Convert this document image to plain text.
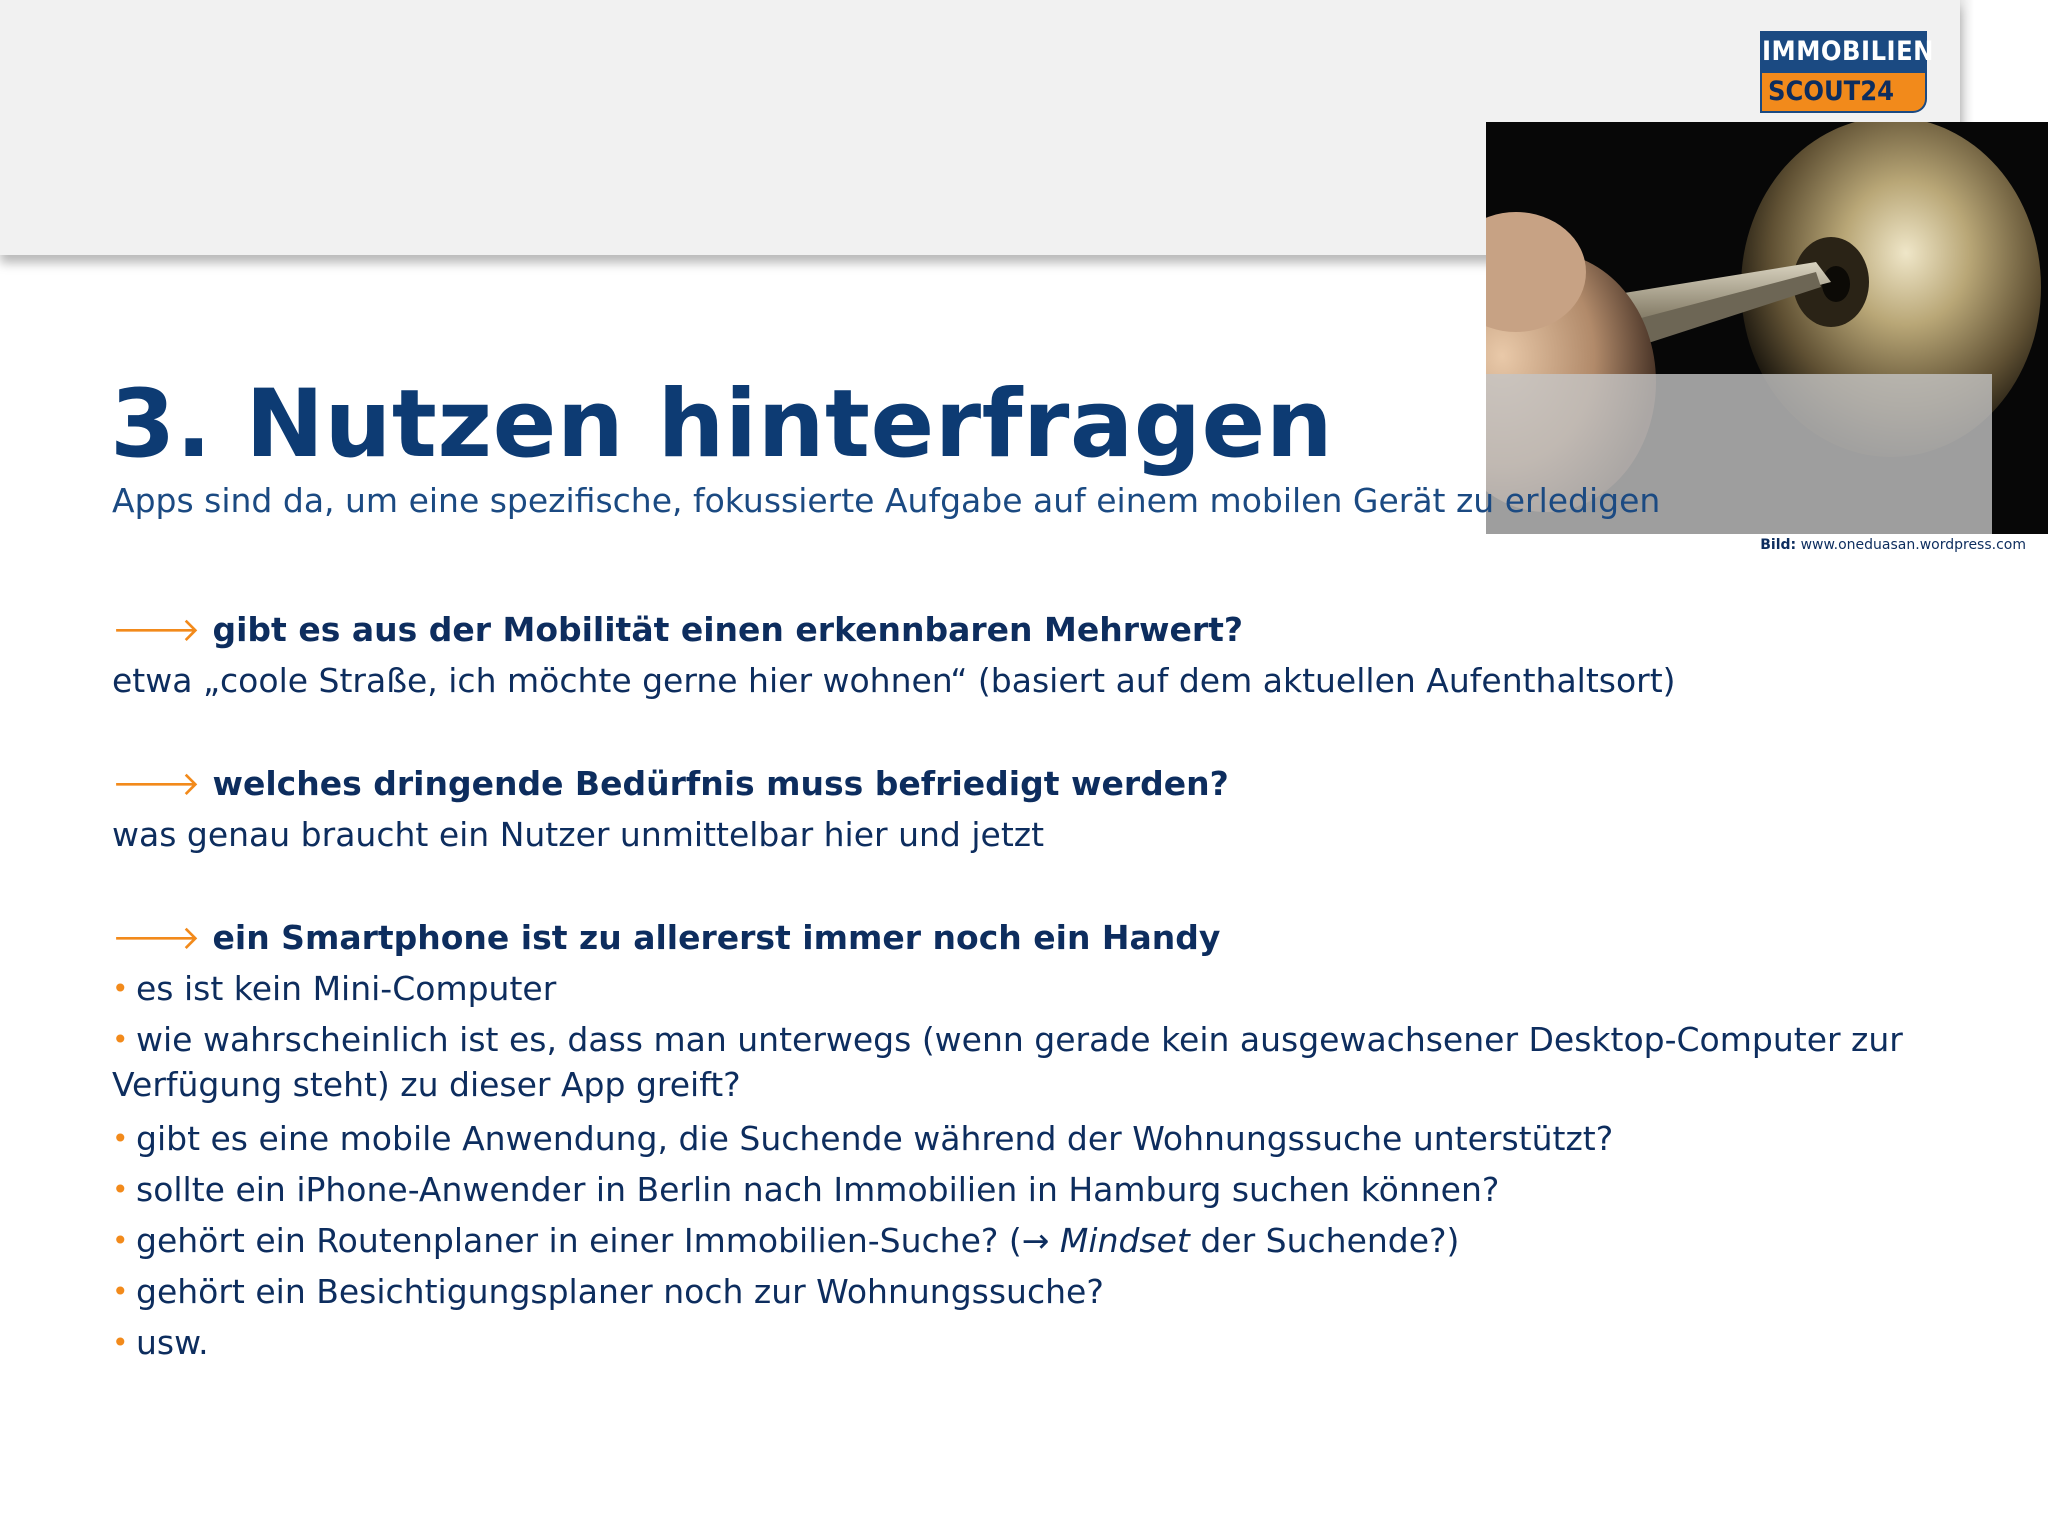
IMMOBILIEN
SCOUT24
Bild: www.oneduasan.wordpress.com
3. Nutzen hinterfragen

Apps sind da, um eine spezifische, fokussierte Aufgabe auf einem mobilen Gerät zu erledigen

🡒 gibt es aus der Mobilität einen erkennbaren Mehrwert?

etwa „coole Straße, ich möchte gerne hier wohnen“ (basiert auf dem aktuellen Aufenthaltsort)

🡒 welches dringende Bedürfnis muss befriedigt werden?

was genau braucht ein Nutzer unmittelbar hier und jetzt

🡒 ein Smartphone ist zu allererst immer noch ein Handy

• es ist kein Mini-Computer

• wie wahrscheinlich ist es, dass man unterwegs (wenn gerade kein ausgewachsener Desktop-Computer zur
Verfügung steht) zu dieser App greift?

• gibt es eine mobile Anwendung, die Suchende während der Wohnungssuche unterstützt?

• sollte ein iPhone-Anwender in Berlin nach Immobilien in Hamburg suchen können?

• gehört ein Routenplaner in einer Immobilien-Suche? (→ Mindset der Suchende?)

• gehört ein Besichtigungsplaner noch zur Wohnungssuche?

• usw.
